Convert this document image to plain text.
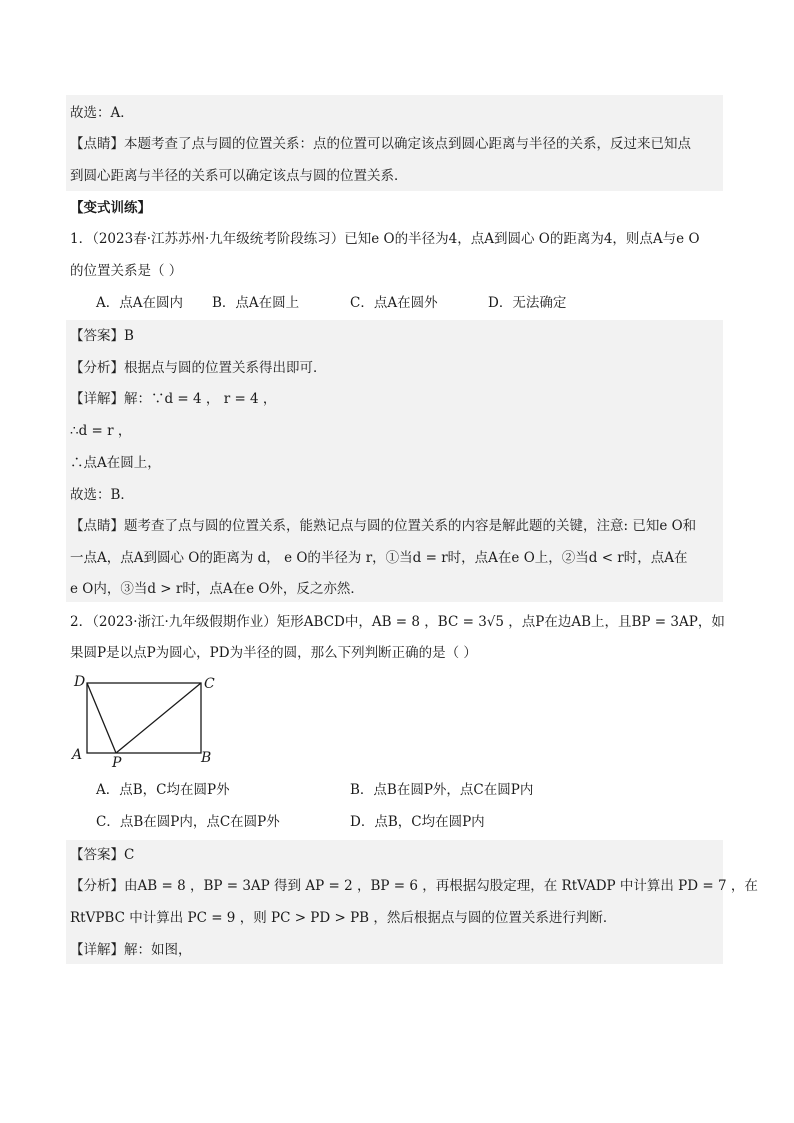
故选：A．
【点睛】本题考查了点与圆的位置关系：点的位置可以确定该点到圆心距离与半径的关系，反过来已知点
到圆心距离与半径的关系可以确定该点与圆的位置关系．
【变式训练】
1．（2023春·江苏苏州·九年级统考阶段练习）已知e O的半径为4，点A到圆心 O的距离为4，则点A与e O
的位置关系是（ ）
A．点A在圆内 B．点A在圆上	C．点A在圆外	D．无法确定
【答案】B
【分析】根据点与圆的位置关系得出即可．
【详解】解：∵d = 4 ， r = 4 ，
∴d = r ，
∴点A在圆上，
故选：B．
【点睛】题考查了点与圆的位置关系，能熟记点与圆的位置关系的内容是解此题的关键，注意: 已知e O和
一点A，点A到圆心 O的距离为 d， e O的半径为 r，①当d = r时，点A在e O上，②当d < r时，点A在
e O内，③当d > r时，点A在e O外，反之亦然．
2．（2023·浙江·九年级假期作业）矩形ABCD中，AB = 8 ，BC = 3√5 ，点P在边AB上，且BP = 3AP，如
果圆P是以点P为圆心，PD为半径的圆，那么下列判断正确的是（ ）
D	C
A	B
P
A．点B，C均在圆P外	B．点B在圆P外，点C在圆P内
C．点B在圆P内，点C在圆P外	D．点B，C均在圆P内
【答案】C
【分析】由AB = 8 ，BP = 3AP 得到 AP = 2 ，BP = 6 ，再根据勾股定理，在 RtVADP 中计算出 PD = 7 ，在
RtVPBC 中计算出 PC = 9 ，则 PC > PD > PB ，然后根据点与圆的位置关系进行判断．
【详解】解：如图，
